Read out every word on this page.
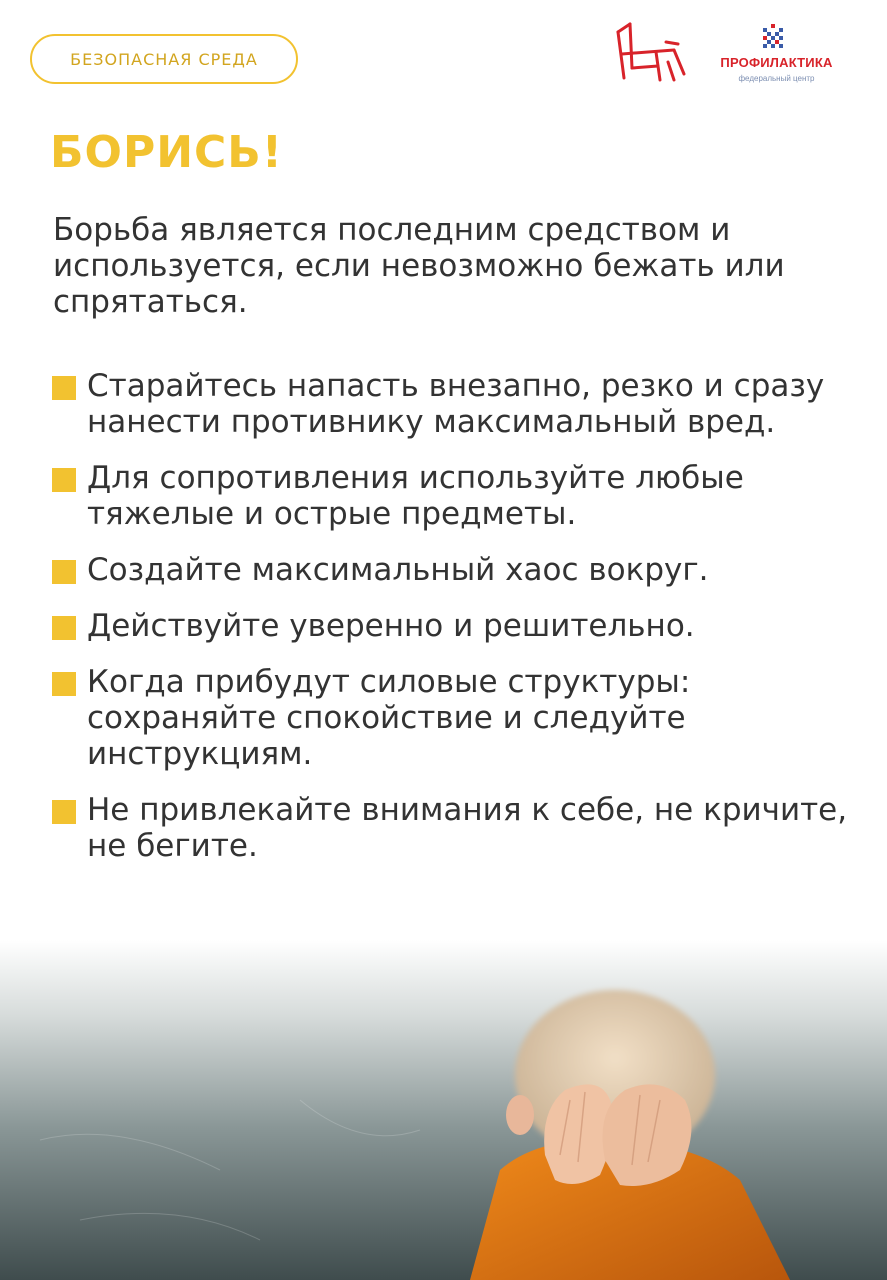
БЕЗОПАСНАЯ СРЕДА	ПРОФИЛАКТИКА
федеральный центр
БОРИСЬ!

Борьба является последним средством и используется, если невозможно бежать или спрятаться.

Старайтесь напасть внезапно, резко и сразу нанести противнику максимальный вред.
Для сопротивления используйте любые тяжелые и острые предметы.
Создайте максимальный хаос вокруг.
Действуйте уверенно и решительно.
Когда прибудут силовые структуры: сохраняйте спокойствие и следуйте инструкциям.
Не привлекайте внимания к себе, не кричите, не бегите.
